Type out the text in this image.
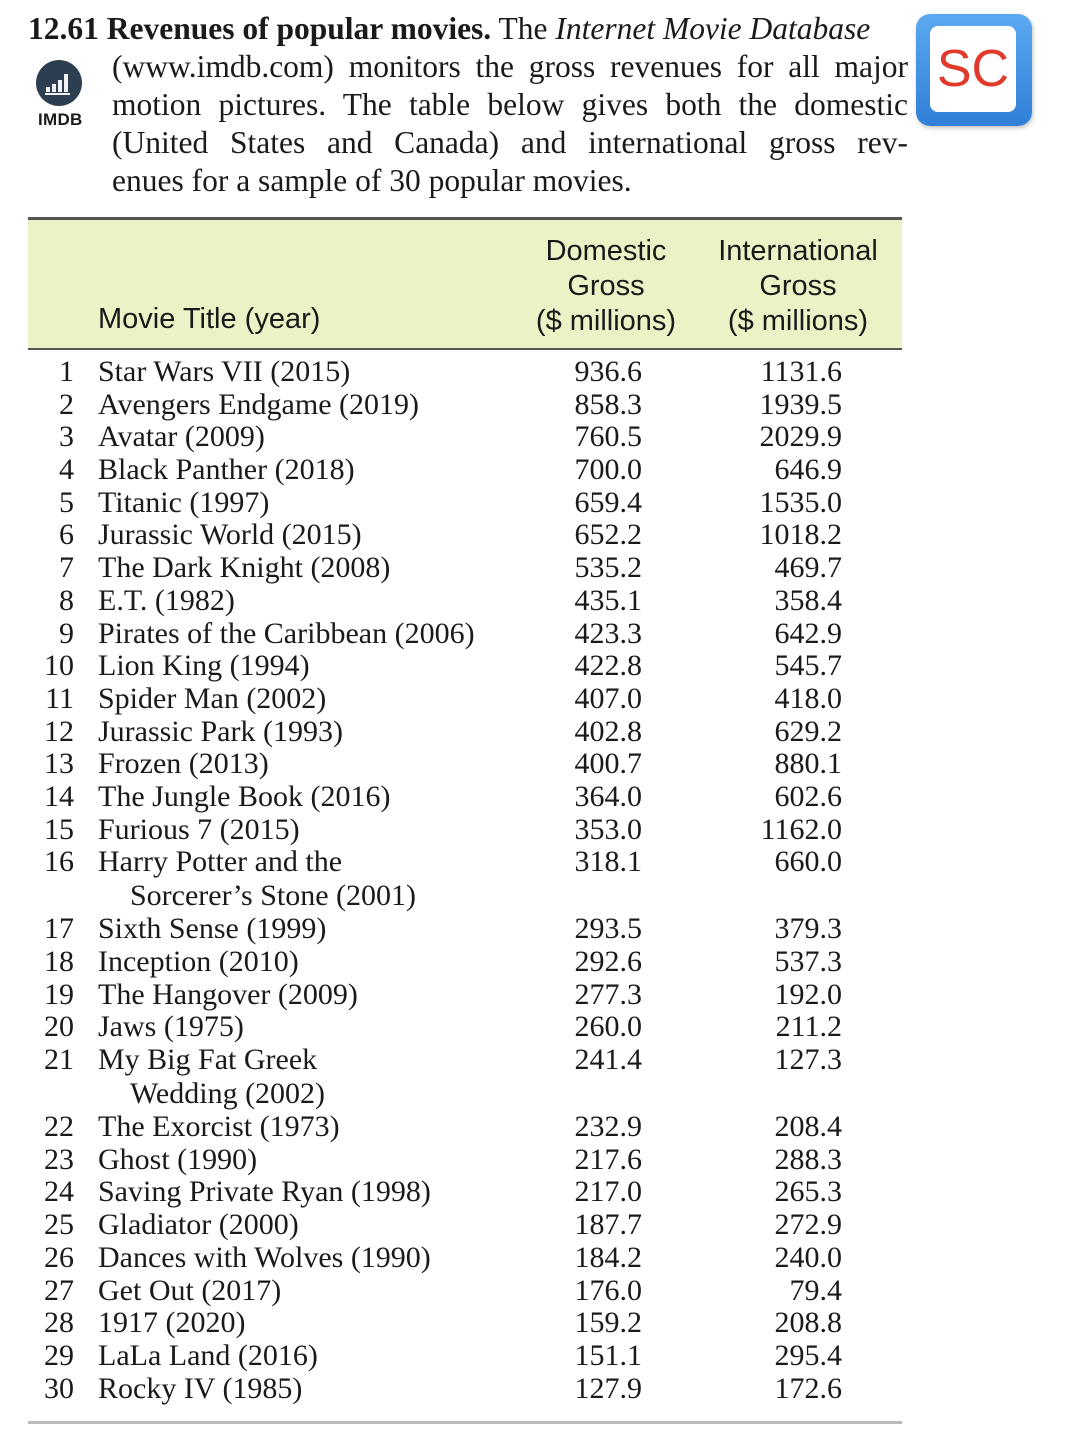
12.61 Revenues of popular movies. The Internet Movie Database
(www.imdb.com) monitors the gross revenues for all major
motion pictures. The table below gives both the domestic
(United States and Canada) and international gross rev-
enues for a sample of 30 popular movies.
IMDB
SC
Movie Title (year)
Domestic
Gross
($ millions)
International
Gross
($ millions)
1 Star Wars VII (2015)	936.6	1131.6
2 Avengers Endgame (2019)	858.3	1939.5
3 Avatar (2009)	760.5	2029.9
4 Black Panther (2018)	700.0	646.9
5 Titanic (1997)	659.4	1535.0
6 Jurassic World (2015)	652.2	1018.2
7 The Dark Knight (2008)	535.2	469.7
8 E.T. (1982)	435.1	358.4
9 Pirates of the Caribbean (2006)	423.3	642.9
10 Lion King (1994)	422.8	545.7
11 Spider Man (2002)	407.0	418.0
12 Jurassic Park (1993)	402.8	629.2
13 Frozen (2013)	400.7	880.1
14 The Jungle Book (2016)	364.0	602.6
15 Furious 7 (2015)	353.0	1162.0
16 Harry Potter and the
Sorcerer’s Stone (2001)
318.1	660.0
17 Sixth Sense (1999)	293.5	379.3
18 Inception (2010)	292.6	537.3
19 The Hangover (2009)	277.3	192.0
20 Jaws (1975)	260.0	211.2
21 My Big Fat Greek
Wedding (2002)
241.4	127.3
22 The Exorcist (1973)	232.9	208.4
23 Ghost (1990)	217.6	288.3
24 Saving Private Ryan (1998)	217.0	265.3
25 Gladiator (2000)	187.7	272.9
26 Dances with Wolves (1990)	184.2	240.0
27 Get Out (2017)	176.0	79.4
28 1917 (2020)	159.2	208.8
29 LaLa Land (2016)	151.1	295.4
30 Rocky IV (1985)	127.9	172.6
